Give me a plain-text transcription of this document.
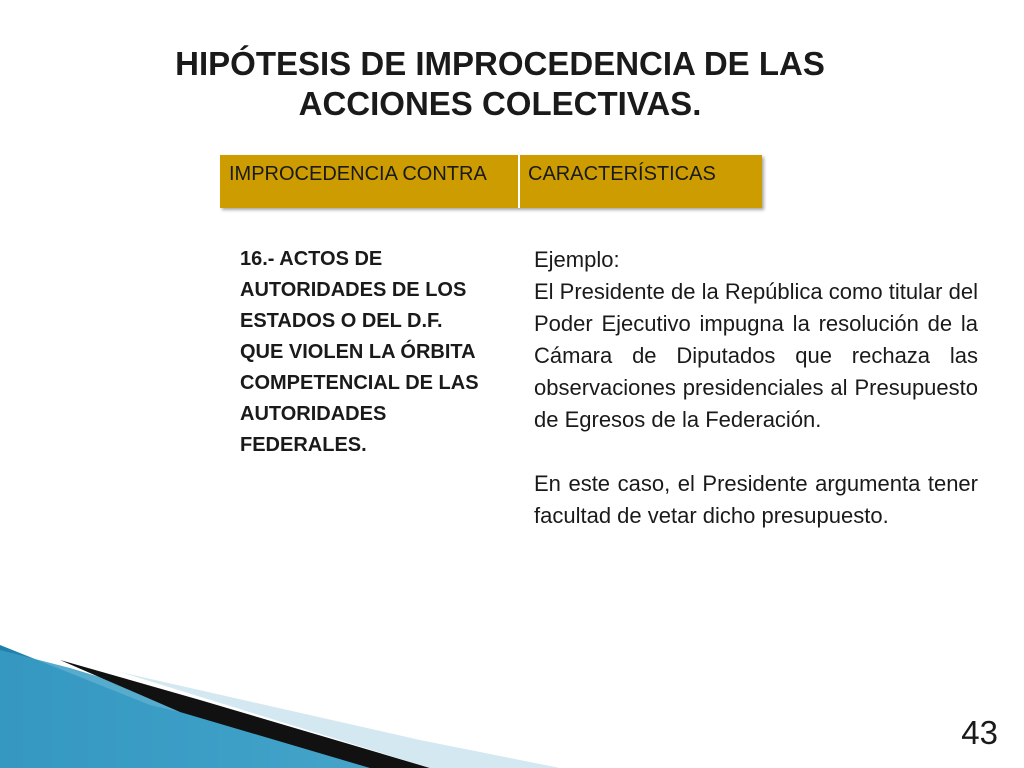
HIPÓTESIS DE IMPROCEDENCIA DE LAS ACCIONES COLECTIVAS.
IMPROCEDENCIA CONTRA	CARACTERÍSTICAS
16.- ACTOS DE AUTORIDADES DE LOS ESTADOS O DEL D.F. QUE VIOLEN LA ÓRBITA COMPETENCIAL DE LAS AUTORIDADES FEDERALES.

Ejemplo:

El Presidente de la República como titular del Poder Ejecutivo impugna la resolución de la Cámara de Diputados que rechaza las observaciones presidenciales al Presupuesto de Egresos de la Federación.

En este caso, el Presidente argumenta tener facultad de vetar dicho presupuesto.

43
